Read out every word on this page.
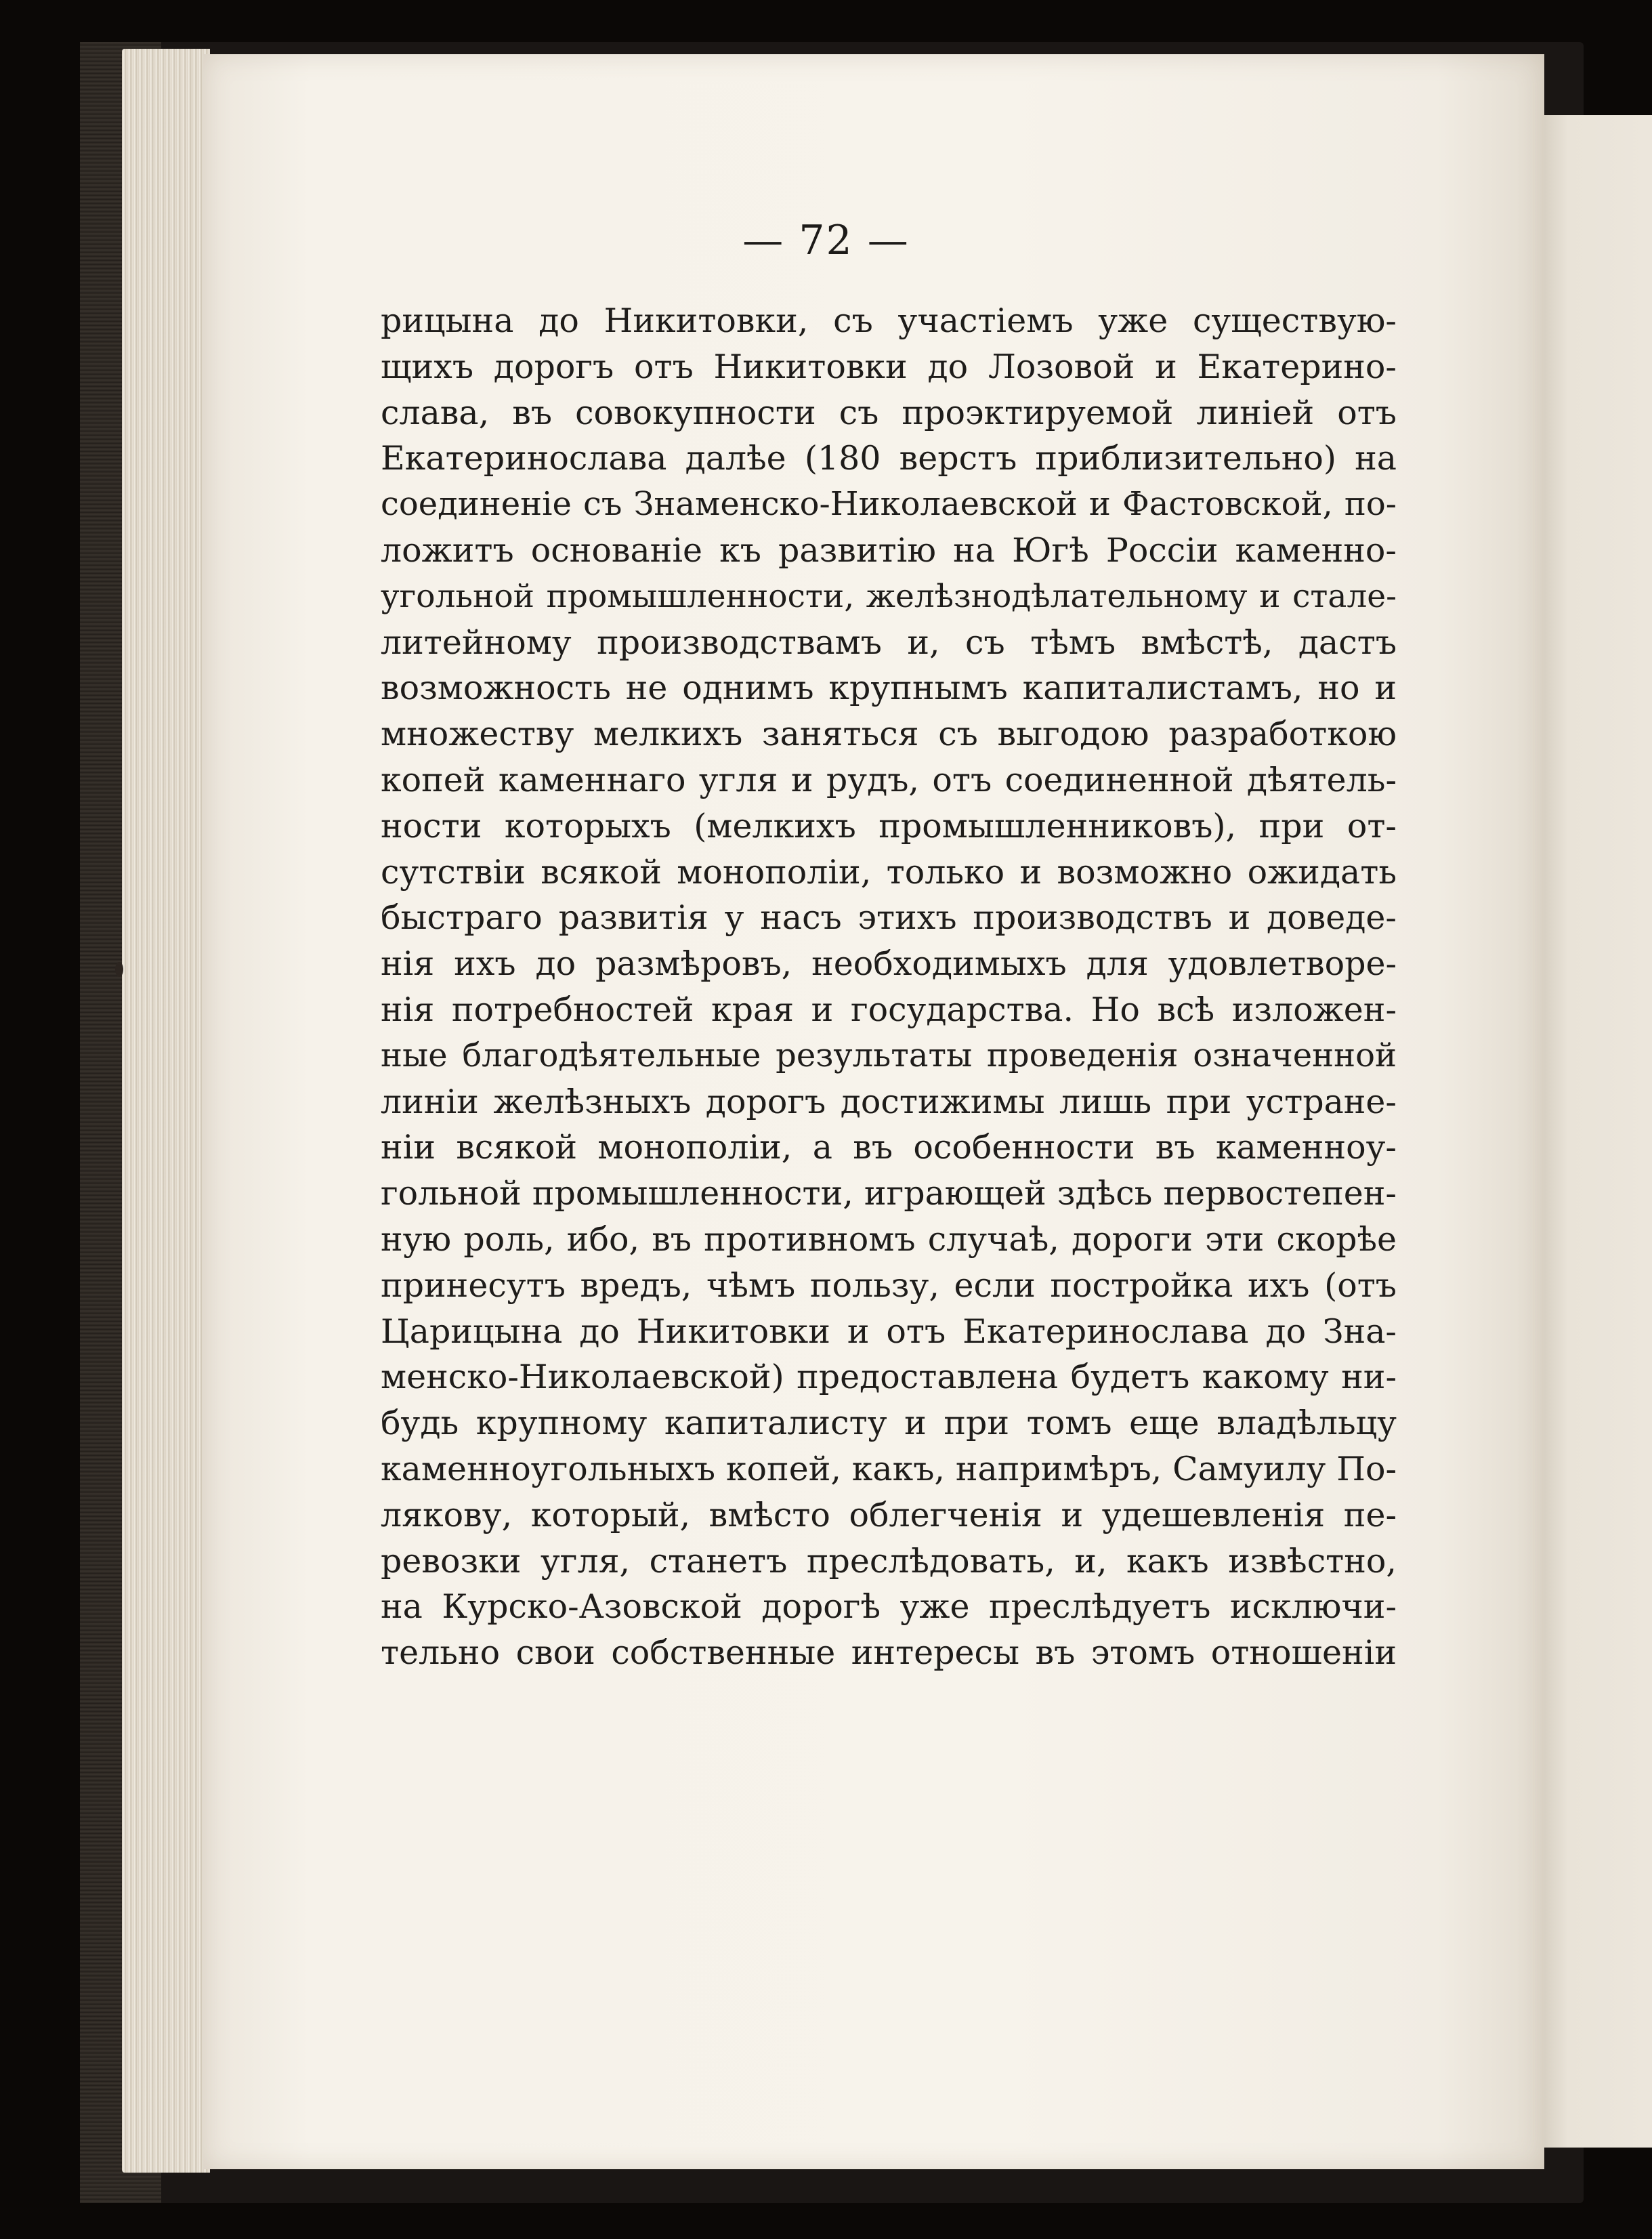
— 72 —
рицына до Никитовки, съ участіемъ уже существую-
щихъ дорогъ отъ Никитовки до Лозовой и Екатерино-
слава, въ совокупности съ проэктируемой линіей отъ
Екатеринослава далѣе (180 верстъ приблизительно) на
соединеніе съ Знаменско-Николаевской и Фастовской, по-
ложитъ основаніе къ развитію на Югѣ Россіи каменно-
угольной промышленности, желѣзнодѣлательному и стале-
литейному производствамъ и, съ тѣмъ вмѣстѣ, дастъ
возможность не однимъ крупнымъ капиталистамъ, но и
множеству мелкихъ заняться съ выгодою разработкою
копей каменнаго угля и рудъ, отъ соединенной дѣятель-
ности которыхъ (мелкихъ промышленниковъ), при от-
сутствіи всякой монополіи, только и возможно ожидать
быстраго развитія у насъ этихъ производствъ и доведе-
нія ихъ до размѣровъ, необходимыхъ для удовлетворе-
нія потребностей края и государства. Но всѣ изложен-
ные благодѣятельные результаты проведенія означенной
линіи желѣзныхъ дорогъ достижимы лишь при устране-
ніи всякой монополіи, а въ особенности въ каменноу-
гольной промышленности, играющей здѣсь первостепен-
ную роль, ибо, въ противномъ случаѣ, дороги эти скорѣе
принесутъ вредъ, чѣмъ пользу, если постройка ихъ (отъ
Царицына до Никитовки и отъ Екатеринослава до Зна-
менско-Николаевской) предоставлена будетъ какому ни-
будь крупному капиталисту и при томъ еще владѣльцу
каменноугольныхъ копей, какъ, напримѣръ, Самуилу По-
лякову, который, вмѣсто облегченія и удешевленія пе-
ревозки угля, станетъ преслѣдовать, и, какъ извѣстно,
на Курско-Азовской дорогѣ уже преслѣдуетъ исключи-
тельно свои собственные интересы въ этомъ отношеніи
